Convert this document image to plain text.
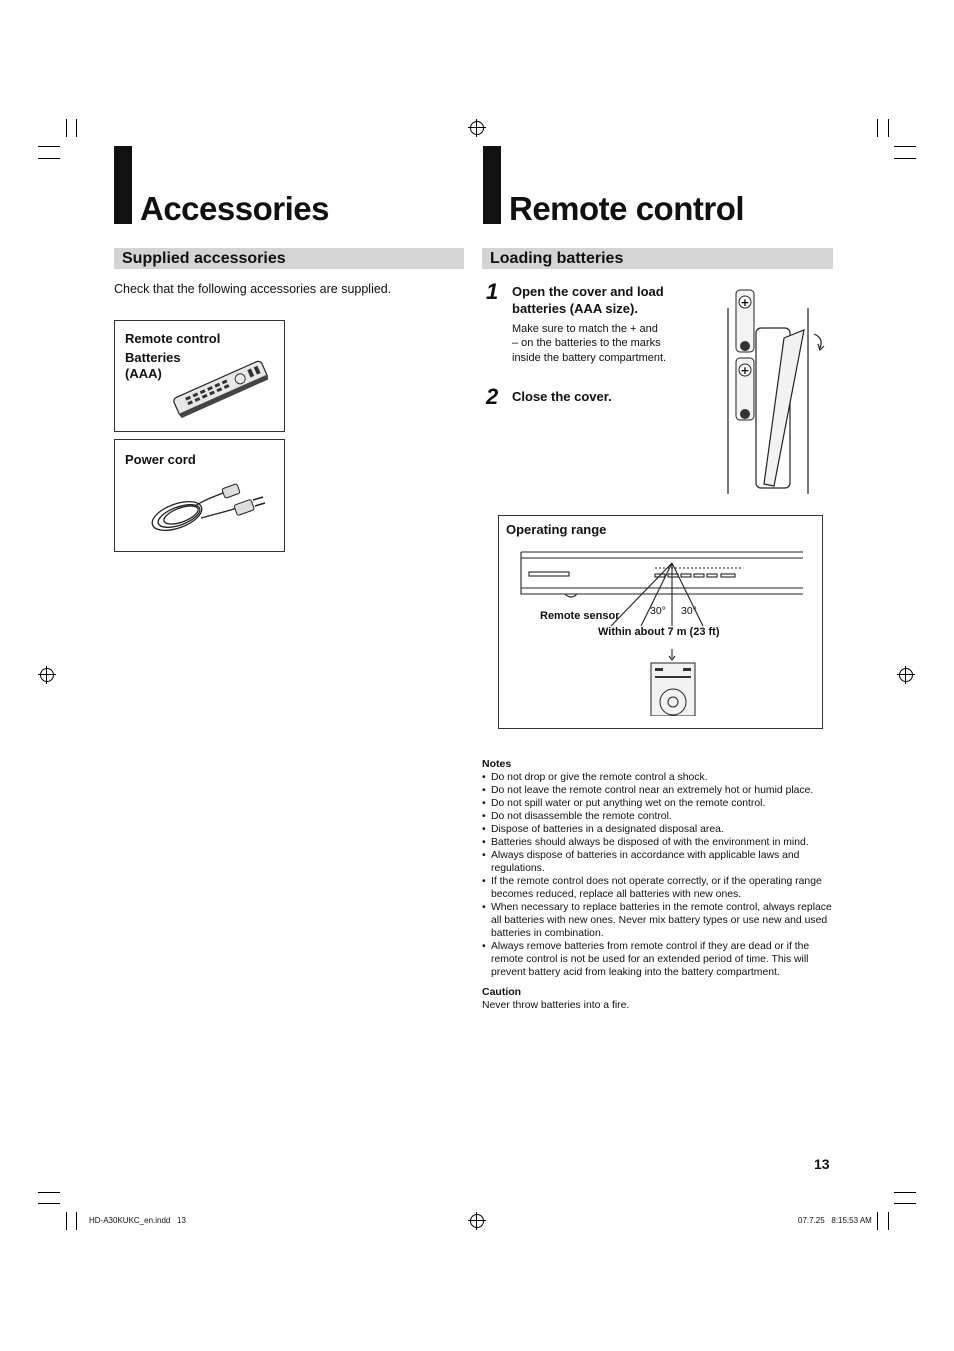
Accessories
Supplied accessories
Check that the following accessories are supplied.
Remote control
Batteries
(AAA)
Power cord
Remote control
Loading batteries
1 Open the cover and load
batteries (AAA size).
Make sure to match the + and
– on the batteries to the marks
inside the battery compartment.
2 Close the cover.
+
+
Operating range
30° 30°
Remote sensor
Within about 7 m (23 ft)
Notes
• Do not drop or give the remote control a shock.
• Do not leave the remote control near an extremely hot or humid place.
• Do not spill water or put anything wet on the remote control.
• Do not disassemble the remote control.
• Dispose of batteries in a designated disposal area.
• Batteries should always be disposed of with the environment in mind.
• Always dispose of batteries in accordance with applicable laws and regulations.
• If the remote control does not operate correctly, or if the operating range becomes reduced, replace all batteries with new ones.
• When necessary to replace batteries in the remote control, always replace all batteries with new ones. Never mix battery types or use new and used batteries in combination.
• Always remove batteries from remote control if they are dead or if the remote control is not be used for an extended period of time. This will prevent battery acid from leaking into the battery compartment.
Caution
Never throw batteries into a fire.
13
HD-A30KUKC_en.indd   13	07.7.25   8:15:53 AM
